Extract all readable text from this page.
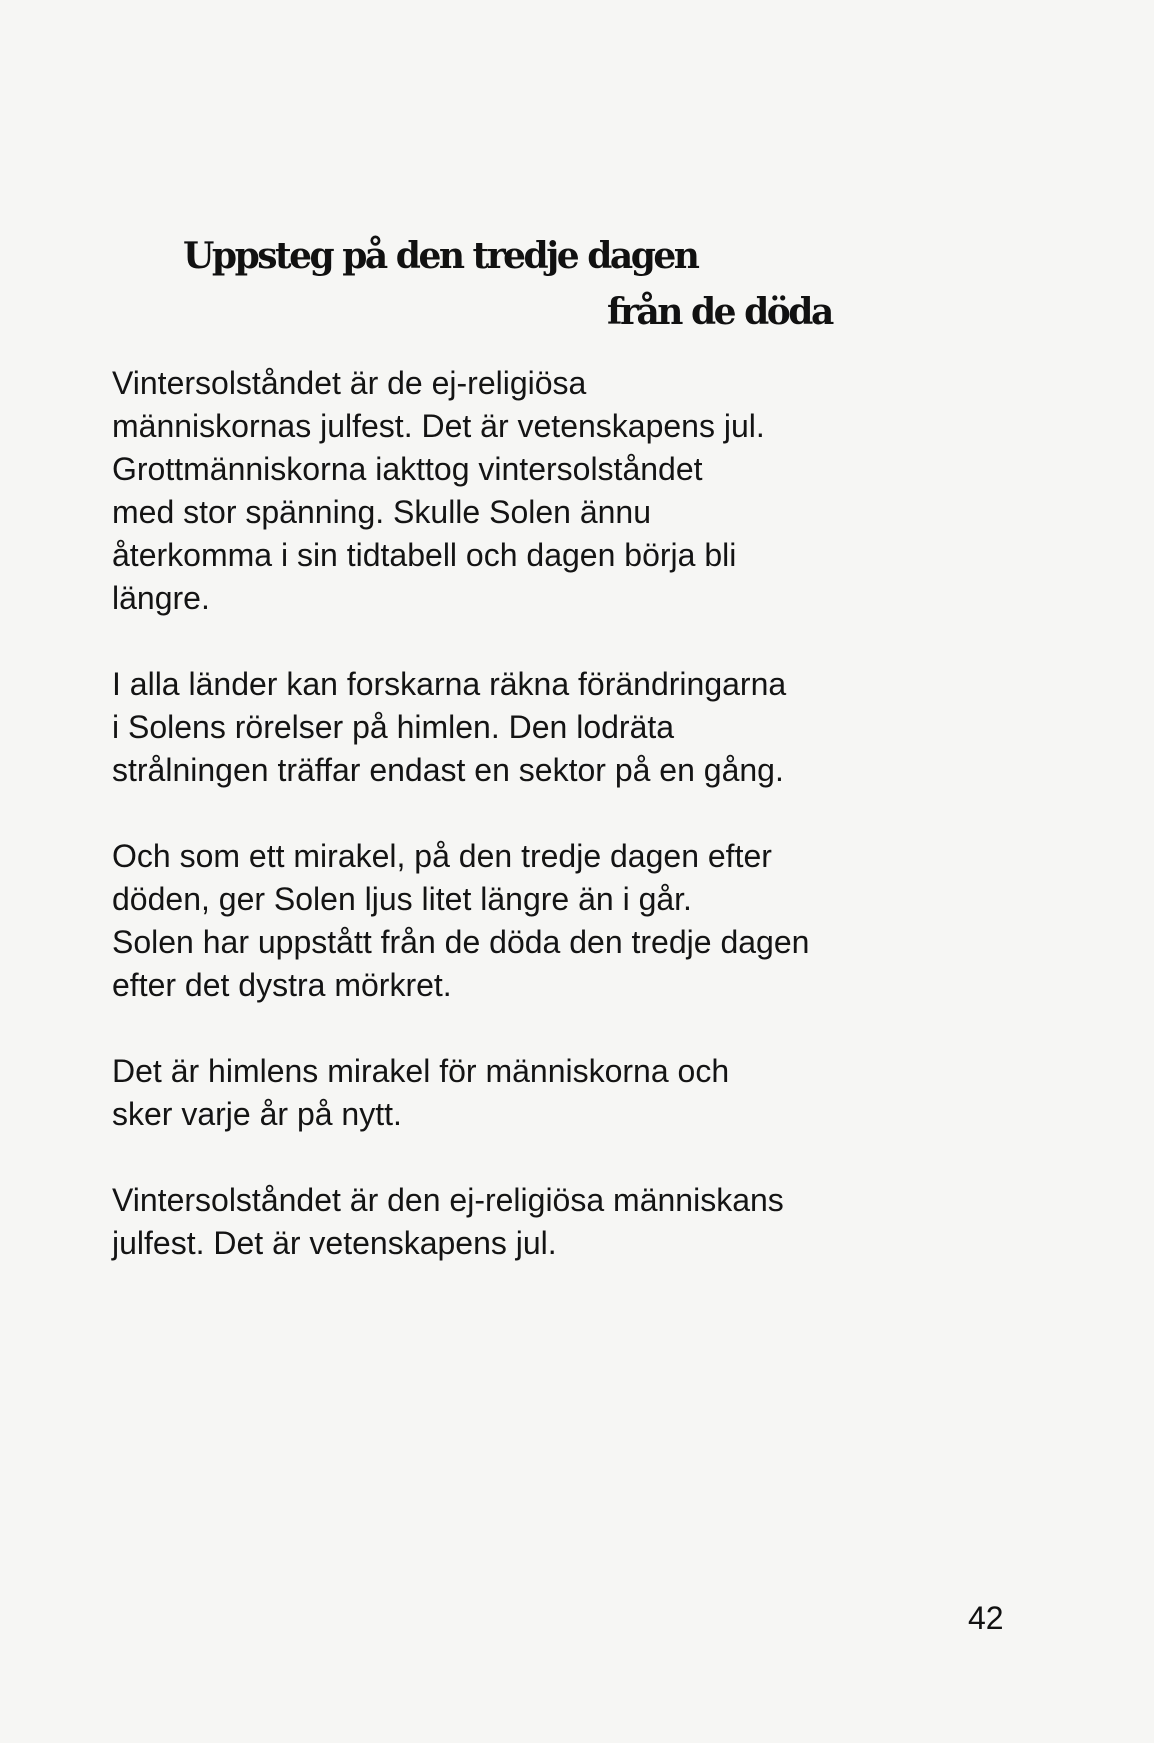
Uppsteg på den tredje dagen
från de döda

Vintersolståndet är de ej-religiösa
människornas julfest. Det är vetenskapens jul.
Grottmänniskorna iakttog vintersolståndet
med stor spänning. Skulle Solen ännu
återkomma i sin tidtabell och dagen börja bli
längre.

I alla länder kan forskarna räkna förändringarna
i Solens rörelser på himlen. Den lodräta
strålningen träffar endast en sektor på en gång.

Och som ett mirakel, på den tredje dagen efter
döden, ger Solen ljus litet längre än i går.
Solen har uppstått från de döda den tredje dagen
efter det dystra mörkret.

Det är himlens mirakel för människorna och
sker varje år på nytt.

Vintersolståndet är den ej-religiösa människans
julfest. Det är vetenskapens jul.

42
